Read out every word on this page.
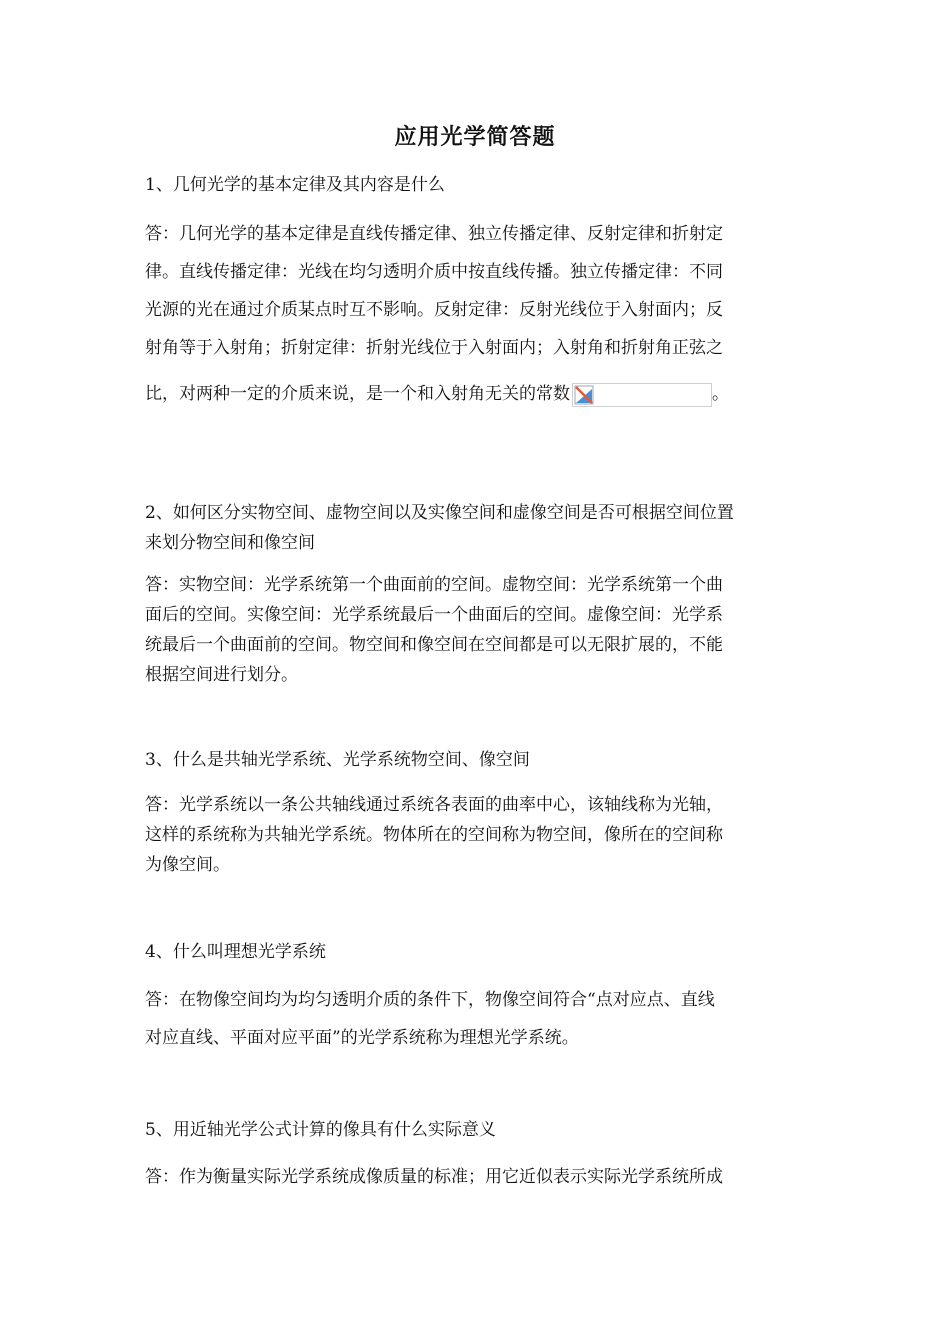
应用光学简答题
1、几何光学的基本定律及其内容是什么
答：几何光学的基本定律是直线传播定律、独立传播定律、反射定律和折射定
律。直线传播定律：光线在均匀透明介质中按直线传播。独立传播定律：不同
光源的光在通过介质某点时互不影响。反射定律：反射光线位于入射面内；反
射角等于入射角；折射定律：折射光线位于入射面内；入射角和折射角正弦之
比，对两种一定的介质来说，是一个和入射角无关的常数	。
2、如何区分实物空间、虚物空间以及实像空间和虚像空间是否可根据空间位置
来划分物空间和像空间
答：实物空间：光学系统第一个曲面前的空间。虚物空间：光学系统第一个曲
面后的空间。实像空间：光学系统最后一个曲面后的空间。虚像空间：光学系
统最后一个曲面前的空间。物空间和像空间在空间都是可以无限扩展的，不能
根据空间进行划分。
3、什么是共轴光学系统、光学系统物空间、像空间
答：光学系统以一条公共轴线通过系统各表面的曲率中心，该轴线称为光轴，
这样的系统称为共轴光学系统。物体所在的空间称为物空间，像所在的空间称
为像空间。
4、什么叫理想光学系统
答：在物像空间均为均匀透明介质的条件下，物像空间符合“点对应点、直线
对应直线、平面对应平面”的光学系统称为理想光学系统。
5、用近轴光学公式计算的像具有什么实际意义
答：作为衡量实际光学系统成像质量的标准；用它近似表示实际光学系统所成
